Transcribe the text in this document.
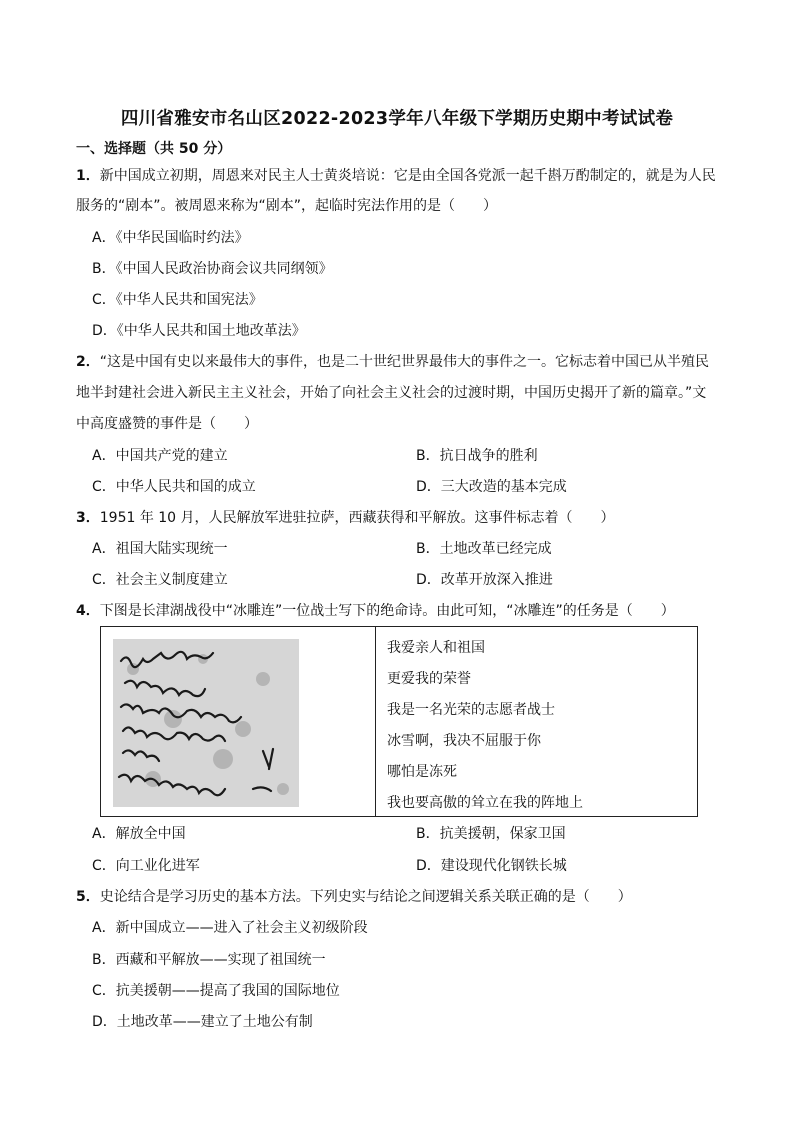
四川省雅安市名山区2022-2023学年八年级下学期历史期中考试试卷
一、选择题（共 50 分）
1．新中国成立初期，周恩来对民主人士黄炎培说：它是由全国各党派一起千斟万酌制定的，就是为人民
服务的“剧本”。被周恩来称为“剧本”，起临时宪法作用的是（　　）
A．《中华民国临时约法》
B．《中国人民政治协商会议共同纲领》
C．《中华人民共和国宪法》
D．《中华人民共和国土地改革法》
2．“这是中国有史以来最伟大的事件，也是二十世纪世界最伟大的事件之一。它标志着中国已从半殖民
地半封建社会进入新民主主义社会，开始了向社会主义社会的过渡时期，中国历史揭开了新的篇章。”文
中高度盛赞的事件是（　　）
A．中国共产党的建立	B．抗日战争的胜利
C．中华人民共和国的成立	D．三大改造的基本完成
3．1951 年 10 月，人民解放军进驻拉萨，西藏获得和平解放。这事件标志着（　　）
A．祖国大陆实现统一	B．土地改革已经完成
C．社会主义制度建立	D．改革开放深入推进
4．下图是长津湖战役中“冰雕连”一位战士写下的绝命诗。由此可知，“冰雕连”的任务是（　　）
我爱亲人和祖国
更爱我的荣誉
我是一名光荣的志愿者战士
冰雪啊，我决不屈服于你
哪怕是冻死
我也要高傲的耸立在我的阵地上
A．解放全中国	B．抗美援朝，保家卫国
C．向工业化进军	D．建设现代化钢铁长城
5．史论结合是学习历史的基本方法。下列史实与结论之间逻辑关系关联正确的是（　　）
A．新中国成立——进入了社会主义初级阶段
B．西藏和平解放——实现了祖国统一
C．抗美援朝——提高了我国的国际地位
D．土地改革——建立了土地公有制
